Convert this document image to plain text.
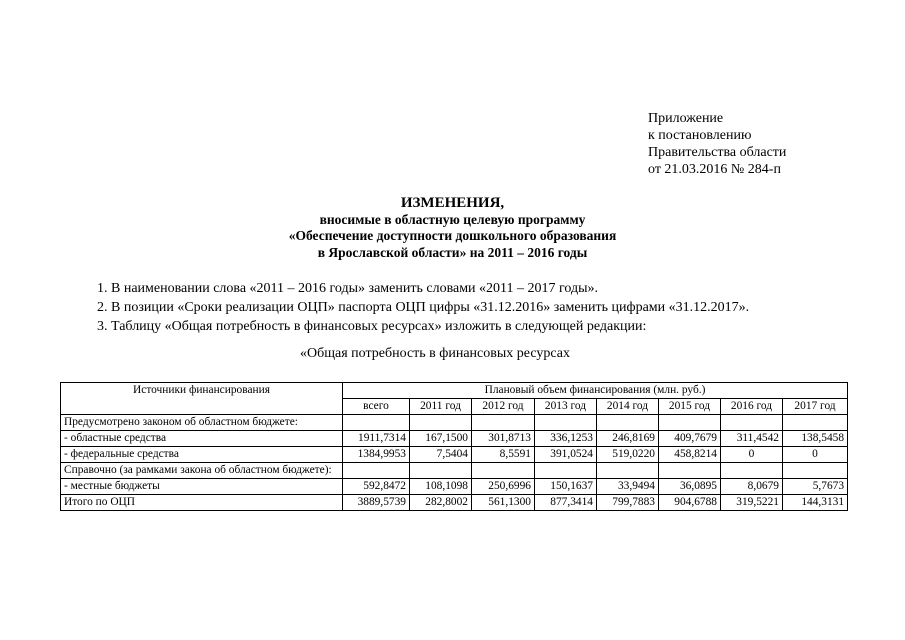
Приложение
к постановлению
Правительства области
от 21.03.2016 № 284-п
ИЗМЕНЕНИЯ,
вносимые в областную целевую программу
«Обеспечение доступности дошкольного образования
в Ярославской области» на 2011 – 2016 годы
1. В наименовании слова «2011 – 2016 годы» заменить словами «2011 – 2017 годы».
2. В позиции «Сроки реализации ОЦП» паспорта ОЦП цифры «31.12.2016» заменить цифрами «31.12.2017».
3. Таблицу «Общая потребность в финансовых ресурсах» изложить в следующей редакции:
«Общая потребность в финансовых ресурсах
Источники финансирования	Плановый объем финансирования (млн. руб.)							
	всего	2011 год	2012 год	2013 год	2014 год	2015 год	2016 год	2017 год
Предусмотрено законом об областном бюджете:								
- областные средства	1911,7314	167,1500	301,8713	336,1253	246,8169	409,7679	311,4542	138,5458
- федеральные средства	1384,9953	7,5404	8,5591	391,0524	519,0220	458,8214	0	0
Справочно (за рамками закона об областном бюджете):								
- местные бюджеты	592,8472	108,1098	250,6996	150,1637	33,9494	36,0895	8,0679	5,7673
Итого по ОЦП	3889,5739	282,8002	561,1300	877,3414	799,7883	904,6788	319,5221	144,3131
